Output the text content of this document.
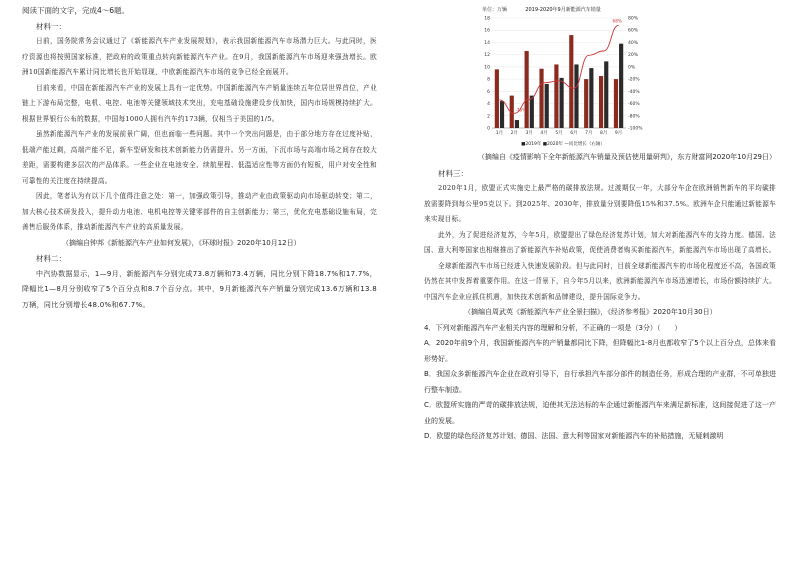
阅读下面的文字，完成4～6题。

材料一：

日前，国务院常务会议通过了《新能源汽车产业发展规划》，表示我国新能源汽车市场潜力巨大。与此同时，医疗资源也将按照国家标准，把政府的政策重点转向新能源汽车产业。在9月，我国新能源汽车市场迎来强劲增长。欧洲10国新能源汽车累计同比增长也开始显现，中欧新能源汽车市场的竞争已经全面展开。

目前来看，中国在新能源汽车产业的发展上具有一定优势。中国新能源汽车产销量连续五年位居世界首位，产业链上下游布局完整，电机、电控、电池等关键领域技术突出，充电基础设施建设步伐加快，国内市场规模持续扩大。根据世界银行公布的数据，中国每1000人拥有汽车约173辆，仅相当于美国的1/5。

虽然新能源汽车产业的发展前景广阔，但也面临一些问题。其中一个突出问题是，由于部分地方存在过度补贴，低端产能过剩，高端产能不足，新车型研发和技术创新能力仍需提升。另一方面，下沉市场与高端市场之间存在较大差距，需要构建多层次的产品体系。一些企业在电池安全、续航里程、低温适应性等方面仍有短板，用户对安全性和可靠性的关注度在持续提高。

因此，笔者认为有以下几个值得注意之处：第一，加强政策引导，推动产业由政策驱动向市场驱动转变；第二，加大核心技术研发投入，提升动力电池、电机电控等关键零部件的自主创新能力；第三，优化充电基础设施布局，完善售后服务体系，推动新能源汽车产业的高质量发展。

（摘编自钟邦《新能源汽车产业如何发展》，《环球时报》2020年10月12日）

材料二：

中汽协数据显示，1—9月，新能源汽车分别完成73.8万辆和73.4万辆，同比分别下降18.7%和17.7%，降幅比1—8月分别收窄了5个百分点和8.7个百分点。其中，9月新能源汽车产销量分别完成13.6万辆和13.8万辆，同比分别增长48.0%和67.7%。

单位：万辆	2019-2020年9月新能源汽车销量
0
2
4
6
8
10
12
14
16
18
-100%
-80%
-60%
-40%
-20%
0%
20%
40%
60%
80%
1月 2月 3月 4月 5月 6月 7月 8月 9月
-76%
68%
■2019年 ■2020年 —同比增长（右轴）

（摘编自《疫情影响下全年新能源汽车销量及预估使用量研判》，东方财富网2020年10月29日）

材料三：

2020年1月，欧盟正式实施史上最严格的碳排放法规。过渡期仅一年，大部分车企在欧洲销售新车的平均碳排放需要降到每公里95克以下。到2025年、2030年，排放量分别要降低15%和37.5%。欧洲车企只能通过新能源车来实现目标。

此外，为了促进经济复苏，今年5月，欧盟提出了绿色经济复苏计划，加大对新能源汽车的支持力度。德国、法国、意大利等国家也相继推出了新能源汽车补贴政策，促使消费者购买新能源汽车，新能源汽车市场出现了高增长。

全球新能源汽车市场已经进入快速发展阶段。但与此同时，目前全球新能源汽车的市场化程度还不高，各国政策仍然在其中发挥着重要作用。在这一背景下，自今年5月以来，欧洲新能源汽车市场迅速增长，市场份额持续扩大。中国汽车企业应抓住机遇，加快技术创新和品牌建设，提升国际竞争力。

（摘编自周武英《新能源汽车产业全景扫描》，《经济参考报》2020年10月30日）

4．下列对新能源汽车产业相关内容的理解和分析，不正确的一项是（3分）（　　）

A．2020年前9个月，我国新能源汽车的产销量都同比下降，但降幅比1-8月也都收窄了5个以上百分点，总体来看形势好。

B．我国众多新能源汽车企业在政府引导下，自行承担汽车部分部件的制造任务，形成合理的产业群，不可单独进行整车制造。

C．欧盟所实施的严苛的碳排放法规，迫使其无法达标的车企通过新能源汽车来满足新标准，这间接促进了这一产业的发展。

D．欧盟的绿色经济复苏计划、德国、法国、意大利等国家对新能源汽车的补贴措施，无疑刺激明
